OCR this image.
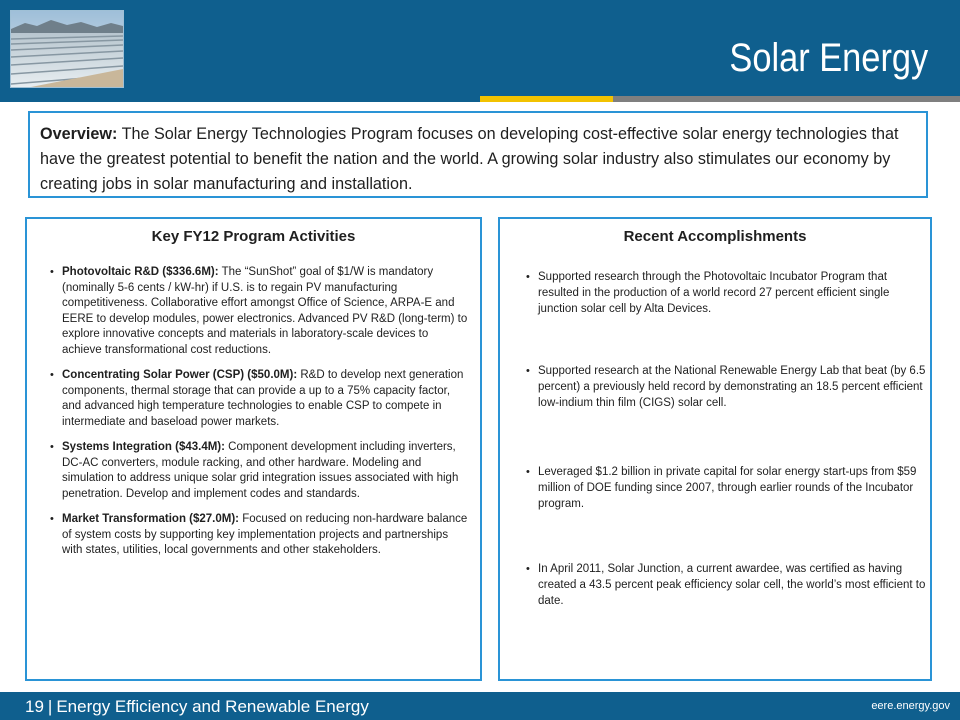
Solar Energy
Overview: The Solar Energy Technologies Program focuses on developing cost-effective solar energy technologies that have the greatest potential to benefit the nation and the world. A growing solar industry also stimulates our economy by creating jobs in solar manufacturing and installation.
Key FY12 Program Activities
• Photovoltaic R&D ($336.6M): The “SunShot” goal of $1/W is mandatory (nominally 5-6 cents / kW-hr) if U.S. is to regain PV manufacturing competitiveness. Collaborative effort amongst Office of Science, ARPA-E and EERE to develop modules, power electronics. Advanced PV R&D (long-term) to explore innovative concepts and materials in laboratory-scale devices to achieve transformational cost reductions.
• Concentrating Solar Power (CSP) ($50.0M): R&D to develop next generation components, thermal storage that can provide a up to a 75% capacity factor, and advanced high temperature technologies to enable CSP to compete in intermediate and baseload power markets.
• Systems Integration ($43.4M): Component development including inverters, DC-AC converters, module racking, and other hardware. Modeling and simulation to address unique solar grid integration issues associated with high penetration. Develop and implement codes and standards.
• Market Transformation ($27.0M): Focused on reducing non-hardware balance of system costs by supporting key implementation projects and partnerships with states, utilities, local governments and other stakeholders.
Recent Accomplishments
• Supported research through the Photovoltaic Incubator Program that resulted in the production of a world record 27 percent efficient single junction solar cell by Alta Devices.
• Supported research at the National Renewable Energy Lab that beat (by 6.5 percent) a previously held record by demonstrating an 18.5 percent efficient low-indium thin film (CIGS) solar cell.
• Leveraged $1.2 billion in private capital for solar energy start-ups from $59 million of DOE funding since 2007, through earlier rounds of the Incubator program.
• In April 2011, Solar Junction, a current awardee, was certified as having created a 43.5 percent peak efficiency solar cell, the world’s most efficient to date.
19 | Energy Efficiency and Renewable Energy	eere.energy.gov
